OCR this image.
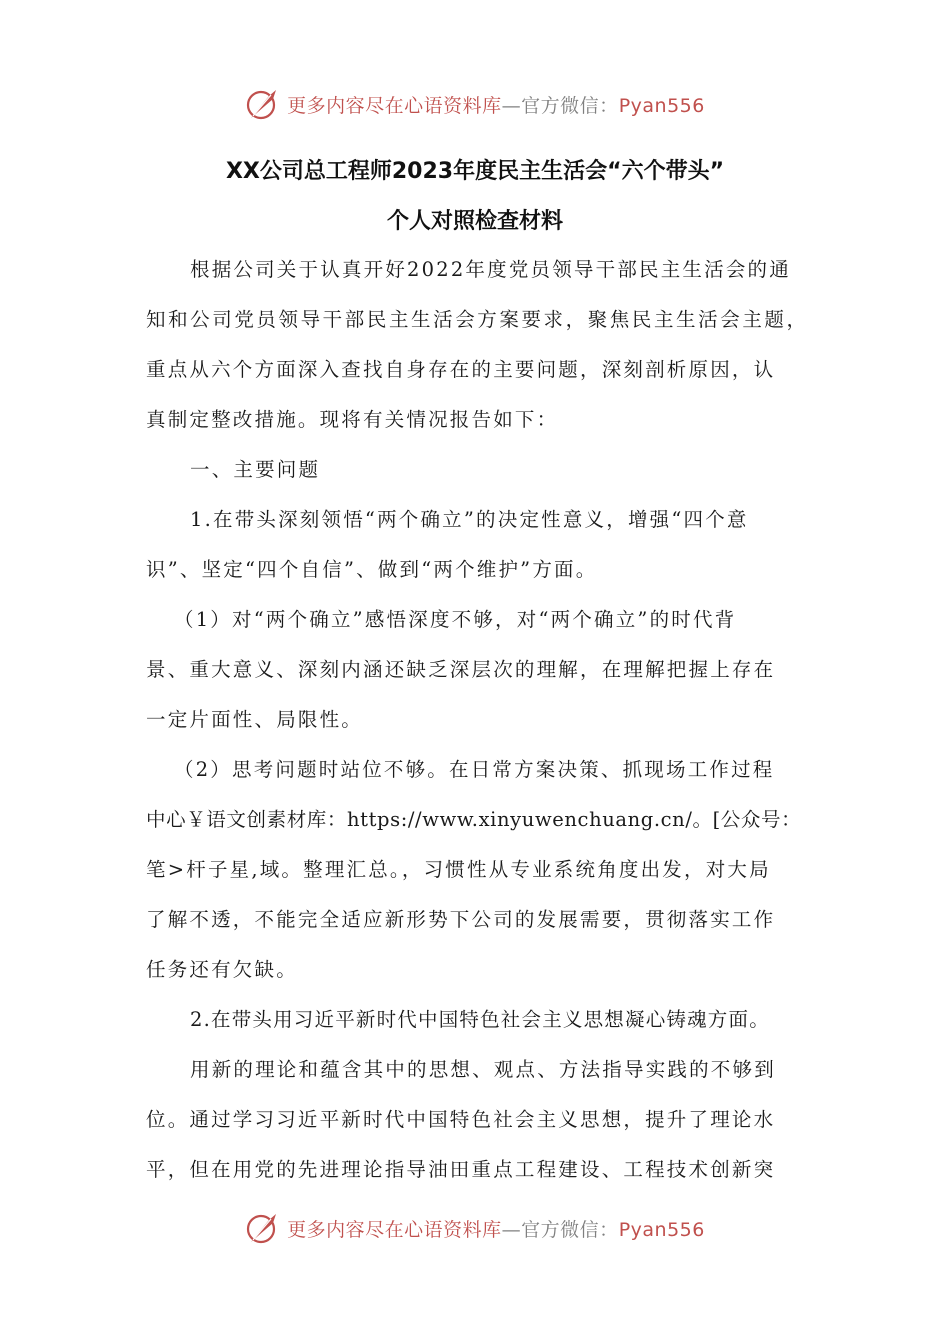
更多内容尽在心语资料库—官方微信：Pyan556
XX公司总工程师2023年度民主生活会“六个带头”
个人对照检查材料
根据公司关于认真开好2022年度党员领导干部民主生活会的通
知和公司党员领导干部民主生活会方案要求，聚焦民主生活会主题，
重点从六个方面深入查找自身存在的主要问题，深刻剖析原因，认
真制定整改措施。现将有关情况报告如下：
一、主要问题
1.在带头深刻领悟“两个确立”的决定性意义，增强“四个意
识”、坚定“四个自信”、做到“两个维护”方面。
（1）对“两个确立”感悟深度不够，对“两个确立”的时代背
景、重大意义、深刻内涵还缺乏深层次的理解，在理解把握上存在
一定片面性、局限性。
（2）思考问题时站位不够。在日常方案决策、抓现场工作过程
中心￥语文创素材库：https://www.xinyuwenchuang.cn/。[公众号：
笔>杆子星,域。整理汇总。，习惯性从专业系统角度出发，对大局
了解不透，不能完全适应新形势下公司的发展需要，贯彻落实工作
任务还有欠缺。
2.在带头用习近平新时代中国特色社会主义思想凝心铸魂方面。
用新的理论和蕴含其中的思想、观点、方法指导实践的不够到
位。通过学习习近平新时代中国特色社会主义思想，提升了理论水
平，但在用党的先进理论指导油田重点工程建设、工程技术创新突
更多内容尽在心语资料库—官方微信：Pyan556
